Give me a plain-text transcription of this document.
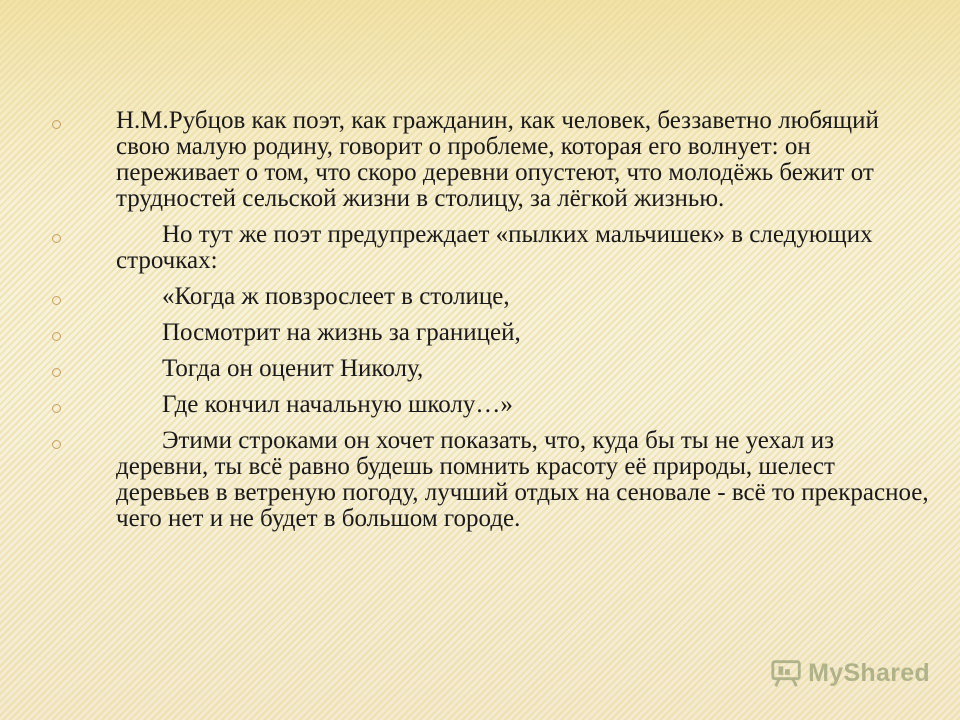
Н.М.Рубцов как поэт, как гражданин, как человек, беззаветно любящий свою малую родину, говорит о проблеме, которая его волнует: он переживает о том, что скоро деревни опустеют, что молодёжь бежит от трудностей сельской жизни в столицу, за лёгкой жизнью.
Но тут же поэт предупреждает «пылких мальчишек» в следующих строчках:
«Когда ж повзрослеет в столице,
Посмотрит на жизнь за границей,
Тогда он оценит Николу,
Где кончил начальную школу…»
Этими строками он хочет показать, что, куда бы ты не уехал из деревни, ты всё равно будешь помнить красоту её природы, шелест деревьев в ветреную погоду, лучший отдых на сеновале - всё то прекрасное, чего нет и не будет в большом городе.
MyShared
